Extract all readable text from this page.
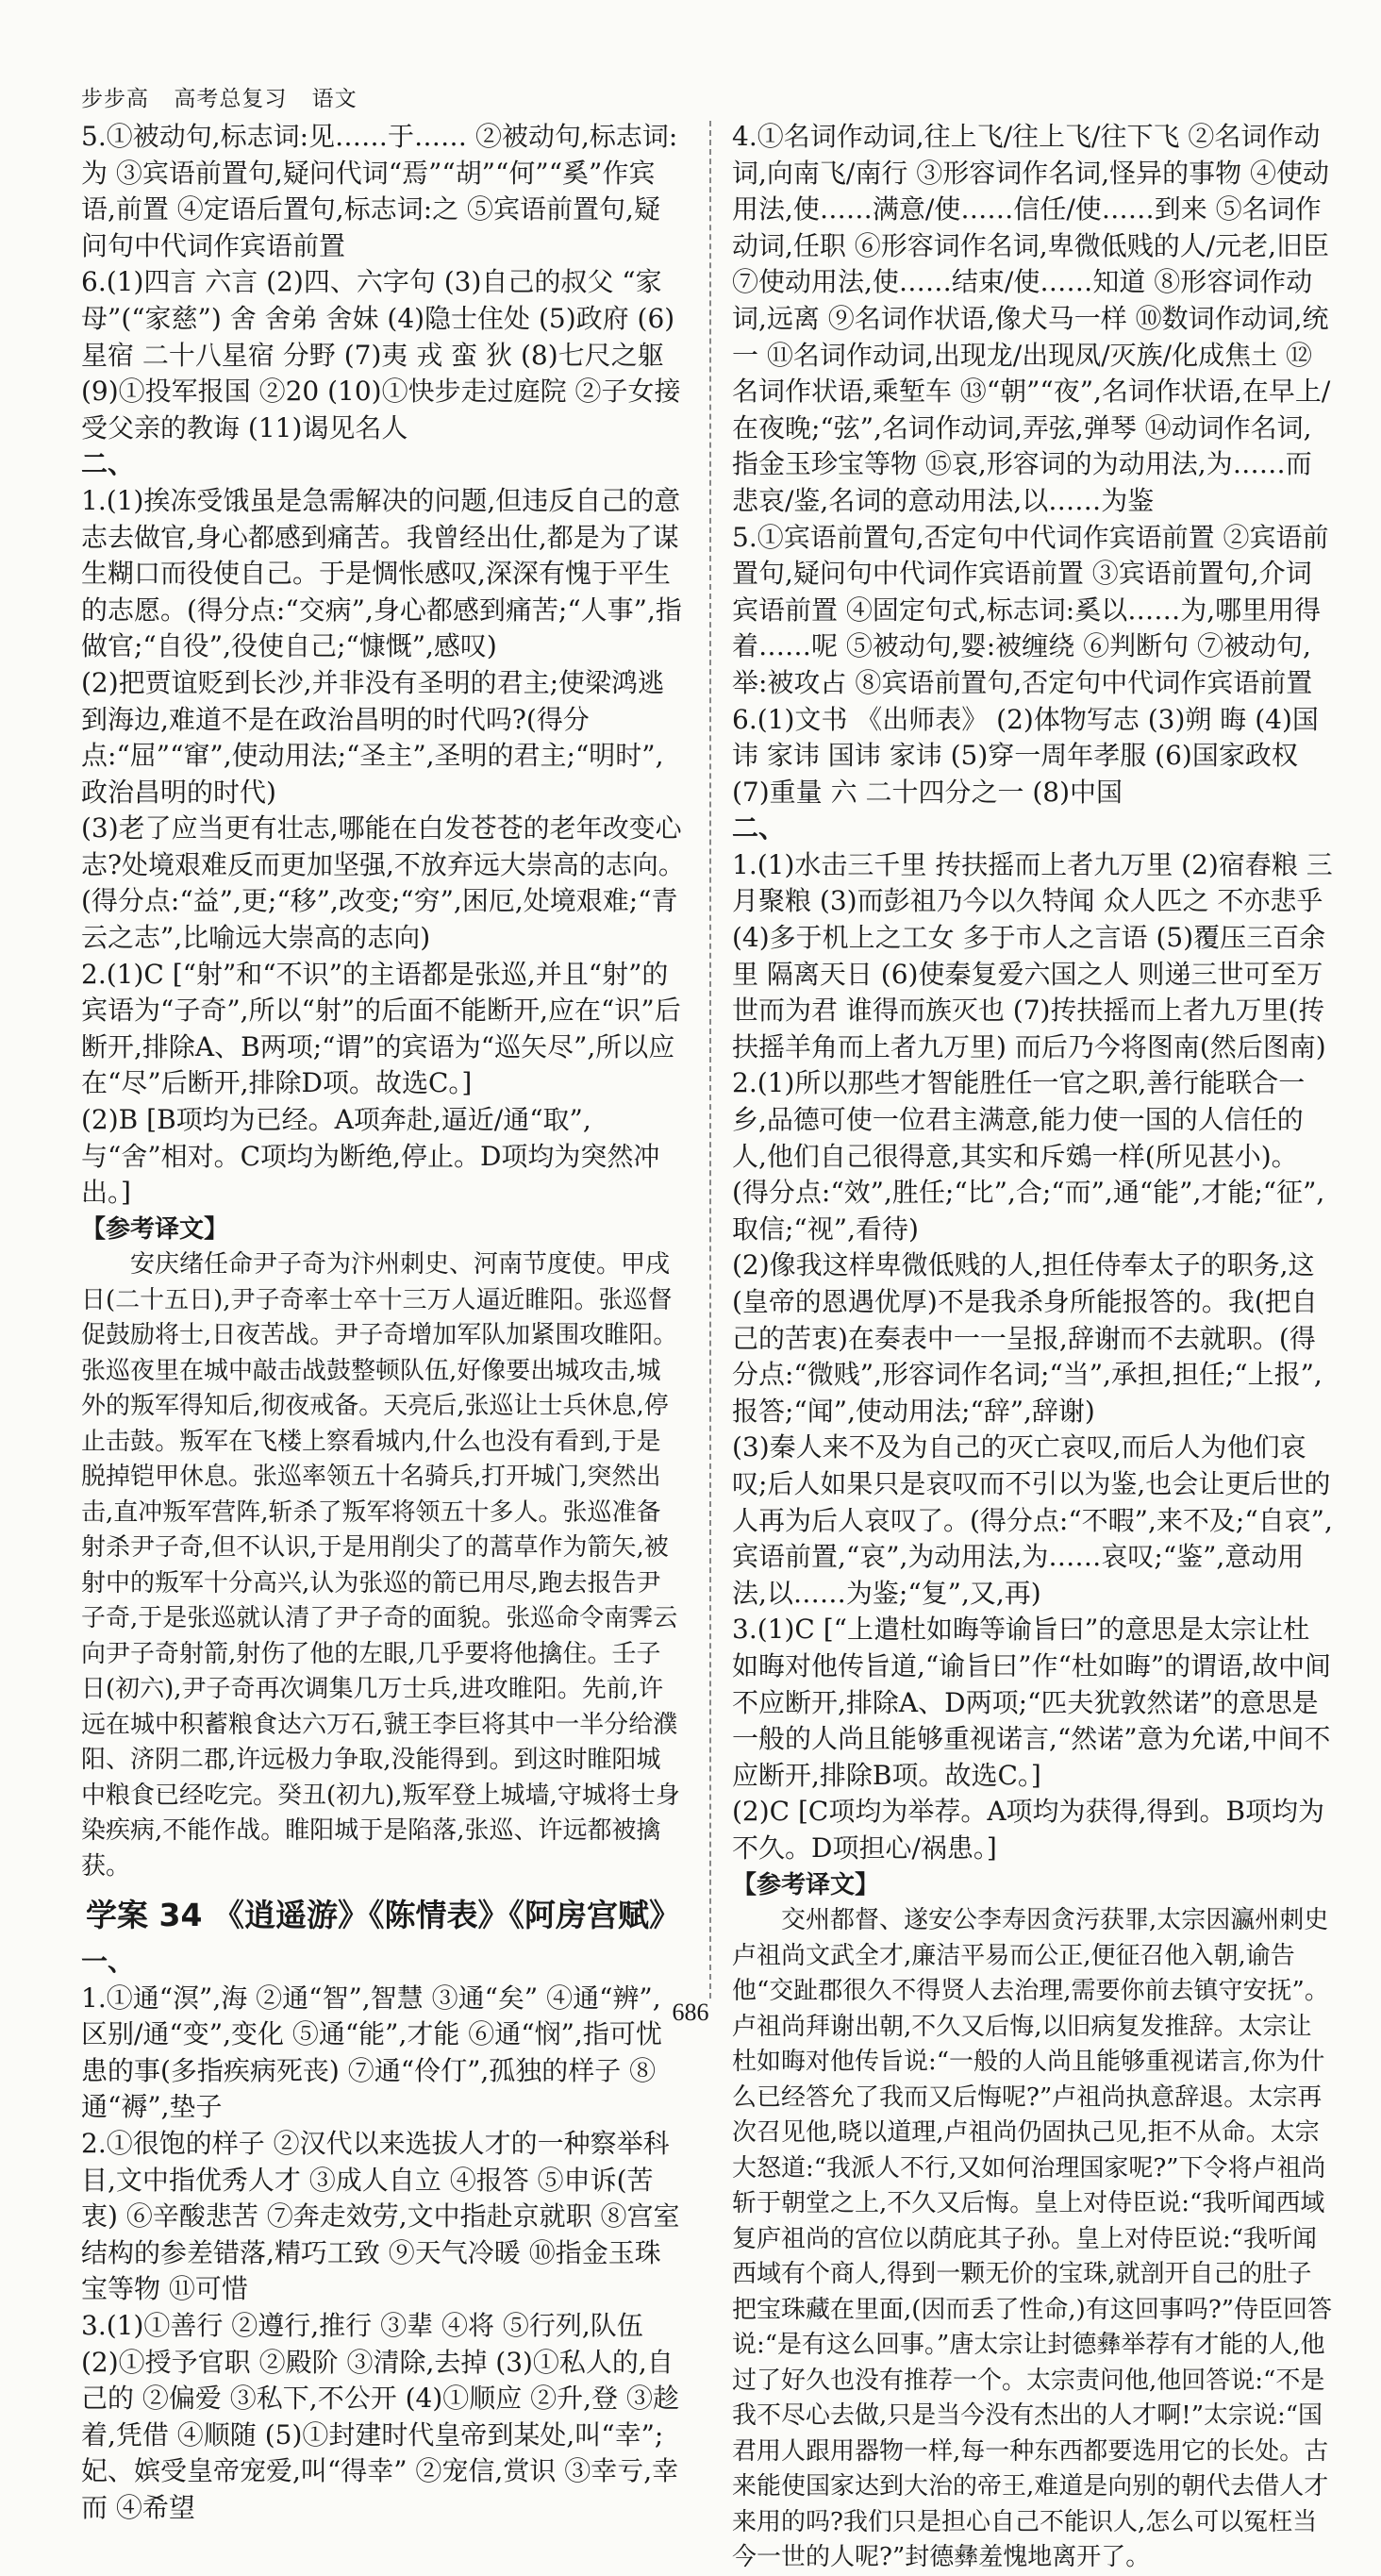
步步高 高考总复习 语文

5.①被动句,标志词:见……于…… ②被动句,标志词:为 ③宾语前置句,疑问代词“焉”“胡”“何”“奚”作宾语,前置 ④定语后置句,标志词:之 ⑤宾语前置句,疑问句中代词作宾语前置

6.(1)四言 六言 (2)四、六字句 (3)自己的叔父 “家母”(“家慈”) 舍 舍弟 舍妹 (4)隐士住处 (5)政府 (6)星宿 二十八星宿 分野 (7)夷 戎 蛮 狄 (8)七尺之躯 (9)①投军报国 ②20 (10)①快步走过庭院 ②子女接受父亲的教诲 (11)谒见名人

二、

1.(1)挨冻受饿虽是急需解决的问题,但违反自己的意志去做官,身心都感到痛苦。我曾经出仕,都是为了谋生糊口而役使自己。于是惆怅感叹,深深有愧于平生的志愿。(得分点:“交病”,身心都感到痛苦;“人事”,指做官;“自役”,役使自己;“慷慨”,感叹)

(2)把贾谊贬到长沙,并非没有圣明的君主;使梁鸿逃到海边,难道不是在政治昌明的时代吗?(得分点:“屈”“窜”,使动用法;“圣主”,圣明的君主;“明时”,政治昌明的时代)

(3)老了应当更有壮志,哪能在白发苍苍的老年改变心志?处境艰难反而更加坚强,不放弃远大崇高的志向。(得分点:“益”,更;“移”,改变;“穷”,困厄,处境艰难;“青云之志”,比喻远大崇高的志向)

2.(1)C [“射”和“不识”的主语都是张巡,并且“射”的宾语为“子奇”,所以“射”的后面不能断开,应在“识”后断开,排除A、B两项;“谓”的宾语为“巡矢尽”,所以应在“尽”后断开,排除D项。故选C。]

(2)B [B项均为已经。A项奔赴,逼近/通“取”,与“舍”相对。C项均为断绝,停止。D项均为突然冲出。]

【参考译文】

安庆绪任命尹子奇为汴州刺史、河南节度使。甲戌日(二十五日),尹子奇率士卒十三万人逼近睢阳。张巡督促鼓励将士,日夜苦战。尹子奇增加军队加紧围攻睢阳。张巡夜里在城中敲击战鼓整顿队伍,好像要出城攻击,城外的叛军得知后,彻夜戒备。天亮后,张巡让士兵休息,停止击鼓。叛军在飞楼上察看城内,什么也没有看到,于是脱掉铠甲休息。张巡率领五十名骑兵,打开城门,突然出击,直冲叛军营阵,斩杀了叛军将领五十多人。张巡准备射杀尹子奇,但不认识,于是用削尖了的蒿草作为箭矢,被射中的叛军十分高兴,认为张巡的箭已用尽,跑去报告尹子奇,于是张巡就认清了尹子奇的面貌。张巡命令南霁云向尹子奇射箭,射伤了他的左眼,几乎要将他擒住。壬子日(初六),尹子奇再次调集几万士兵,进攻睢阳。先前,许远在城中积蓄粮食达六万石,虢王李巨将其中一半分给濮阳、济阴二郡,许远极力争取,没能得到。到这时睢阳城中粮食已经吃完。癸丑(初九),叛军登上城墙,守城将士身染疾病,不能作战。睢阳城于是陷落,张巡、许远都被擒获。

学案 34 《逍遥游》《陈情表》《阿房宫赋》

一、

1.①通“溟”,海 ②通“智”,智慧 ③通“矣” ④通“辨”,区别/通“变”,变化 ⑤通“能”,才能 ⑥通“悯”,指可忧患的事(多指疾病死丧) ⑦通“伶仃”,孤独的样子 ⑧通“褥”,垫子

2.①很饱的样子 ②汉代以来选拔人才的一种察举科目,文中指优秀人才 ③成人自立 ④报答 ⑤申诉(苦衷) ⑥辛酸悲苦 ⑦奔走效劳,文中指赴京就职 ⑧宫室结构的参差错落,精巧工致 ⑨天气冷暖 ⑩指金玉珠宝等物 ⑪可惜

3.(1)①善行 ②遵行,推行 ③辈 ④将 ⑤行列,队伍 (2)①授予官职 ②殿阶 ③清除,去掉 (3)①私人的,自己的 ②偏爱 ③私下,不公开 (4)①顺应 ②升,登 ③趁着,凭借 ④顺随 (5)①封建时代皇帝到某处,叫“幸”;妃、嫔受皇帝宠爱,叫“得幸” ②宠信,赏识 ③幸亏,幸而 ④希望

4.①名词作动词,往上飞/往上飞/往下飞 ②名词作动词,向南飞/南行 ③形容词作名词,怪异的事物 ④使动用法,使……满意/使……信任/使……到来 ⑤名词作动词,任职 ⑥形容词作名词,卑微低贱的人/元老,旧臣 ⑦使动用法,使……结束/使……知道 ⑧形容词作动词,远离 ⑨名词作状语,像犬马一样 ⑩数词作动词,统一 ⑪名词作动词,出现龙/出现凤/灭族/化成焦土 ⑫名词作状语,乘堑车 ⑬“朝”“夜”,名词作状语,在早上/在夜晚;“弦”,名词作动词,弄弦,弹琴 ⑭动词作名词,指金玉珍宝等物 ⑮哀,形容词的为动用法,为……而悲哀/鉴,名词的意动用法,以……为鉴

5.①宾语前置句,否定句中代词作宾语前置 ②宾语前置句,疑问句中代词作宾语前置 ③宾语前置句,介词宾语前置 ④固定句式,标志词:奚以……为,哪里用得着……呢 ⑤被动句,婴:被缠绕 ⑥判断句 ⑦被动句,举:被攻占 ⑧宾语前置句,否定句中代词作宾语前置

6.(1)文书 《出师表》 (2)体物写志 (3)朔 晦 (4)国讳 家讳 国讳 家讳 (5)穿一周年孝服 (6)国家政权 (7)重量 六 二十四分之一 (8)中国

二、

1.(1)水击三千里 抟扶摇而上者九万里 (2)宿舂粮 三月聚粮 (3)而彭祖乃今以久特闻 众人匹之 不亦悲乎 (4)多于机上之工女 多于市人之言语 (5)覆压三百余里 隔离天日 (6)使秦复爱六国之人 则递三世可至万世而为君 谁得而族灭也 (7)抟扶摇而上者九万里(抟扶摇羊角而上者九万里) 而后乃今将图南(然后图南)

2.(1)所以那些才智能胜任一官之职,善行能联合一乡,品德可使一位君主满意,能力使一国的人信任的人,他们自己很得意,其实和斥鴳一样(所见甚小)。(得分点:“效”,胜任;“比”,合;“而”,通“能”,才能;“征”,取信;“视”,看待)

(2)像我这样卑微低贱的人,担任侍奉太子的职务,这(皇帝的恩遇优厚)不是我杀身所能报答的。我(把自己的苦衷)在奏表中一一呈报,辞谢而不去就职。(得分点:“微贱”,形容词作名词;“当”,承担,担任;“上报”,报答;“闻”,使动用法;“辞”,辞谢)

(3)秦人来不及为自己的灭亡哀叹,而后人为他们哀叹;后人如果只是哀叹而不引以为鉴,也会让更后世的人再为后人哀叹了。(得分点:“不暇”,来不及;“自哀”,宾语前置,“哀”,为动用法,为……哀叹;“鉴”,意动用法,以……为鉴;“复”,又,再)

3.(1)C [“上遣杜如晦等谕旨曰”的意思是太宗让杜如晦对他传旨道,“谕旨曰”作“杜如晦”的谓语,故中间不应断开,排除A、D两项;“匹夫犹敦然诺”的意思是一般的人尚且能够重视诺言,“然诺”意为允诺,中间不应断开,排除B项。故选C。]

(2)C [C项均为举荐。A项均为获得,得到。B项均为不久。D项担心/祸患。]

【参考译文】

交州都督、遂安公李寿因贪污获罪,太宗因瀛州刺史卢祖尚文武全才,廉洁平易而公正,便征召他入朝,谕告他“交趾郡很久不得贤人去治理,需要你前去镇守安抚”。卢祖尚拜谢出朝,不久又后悔,以旧病复发推辞。太宗让杜如晦对他传旨说:“一般的人尚且能够重视诺言,你为什么已经答允了我而又后悔呢?”卢祖尚执意辞退。太宗再次召见他,晓以道理,卢祖尚仍固执己见,拒不从命。太宗大怒道:“我派人不行,又如何治理国家呢?”下令将卢祖尚斩于朝堂之上,不久又后悔。皇上对侍臣说:“我听闻西域复庐祖尚的宫位以荫庇其子孙。皇上对侍臣说:“我听闻西域有个商人,得到一颗无价的宝珠,就剖开自己的肚子把宝珠藏在里面,(因而丢了性命,)有这回事吗?”侍臣回答说:“是有这么回事。”唐太宗让封德彝举荐有才能的人,他过了好久也没有推荐一个。太宗责问他,他回答说:“不是我不尽心去做,只是当今没有杰出的人才啊!”太宗说:“国君用人跟用器物一样,每一种东西都要选用它的长处。古来能使国家达到大治的帝王,难道是向别的朝代去借人才来用的吗?我们只是担心自己不能识人,怎么可以冤枉当今一世的人呢?”封德彝羞愧地离开了。

686
